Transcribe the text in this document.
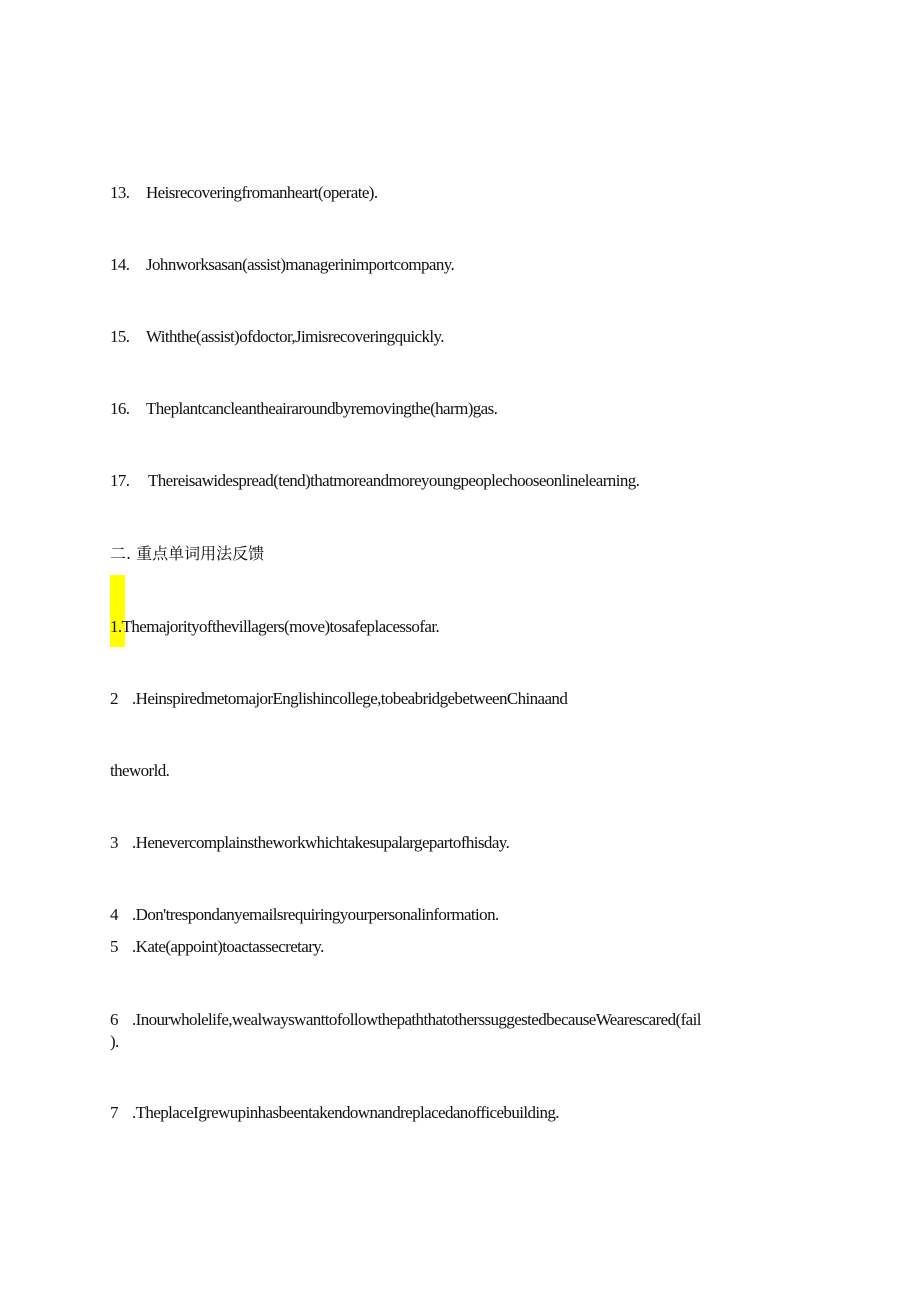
13. Heisrecoveringfromanheart(operate).
14. Johnworksasan(assist)managerinimportcompany.
15. Withthe(assist)ofdoctor,Jimisrecoveringquickly.
16. Theplantcancleantheairaroundbyremovingthe(harm)gas.
17. Thereisawidespread(tend)thatmoreandmoreyoungpeoplechooseonlinelearning.
二. 重点单词用法反馈
1.Themajorityofthevillagers(move)tosafeplacessofar.
2 .HeinspiredmetomajorEnglishincollege,tobeabridgebetweenChinaand
theworld.
3 .Henevercomplainstheworkwhichtakesupalargepartofhisday.
4 .Don'trespondanyemailsrequiringyourpersonalinformation.
5 .Kate(appoint)toactassecretary.
6 .Inourwholelife,wealwayswanttofollowthepaththatotherssuggestedbecauseWearescared(fail
).
7 .TheplaceIgrewupinhasbeentakendownandreplacedanofficebuilding.
